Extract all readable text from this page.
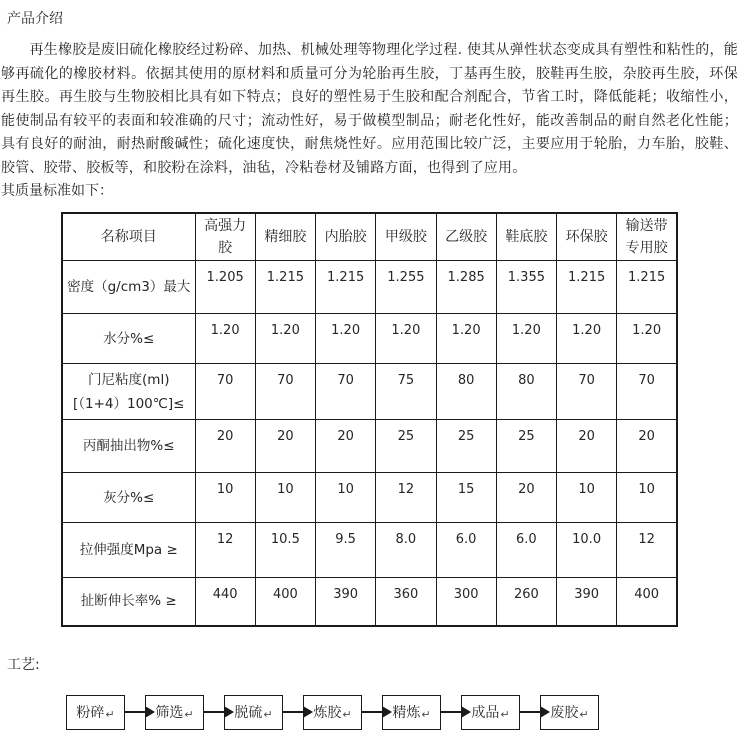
产品介绍

　　再生橡胶是废旧硫化橡胶经过粉碎、加热、机械处理等物理化学过程. 使其从弹性状态变成具有塑性和粘性的，能够再硫化的橡胶材料。依据其使用的原材料和质量可分为轮胎再生胶，丁基再生胶，胶鞋再生胶，杂胶再生胶，环保再生胶。再生胶与生物胶相比具有如下特点；良好的塑性易于生胶和配合剂配合，节省工时，降低能耗；收缩性小，能使制品有较平的表面和较准确的尺寸；流动性好，易于做模型制品；耐老化性好，能改善制品的耐自然老化性能；具有良好的耐油，耐热耐酸碱性；硫化速度快，耐焦烧性好。应用范围比较广泛，主要应用于轮胎，力车胎，胶鞋、胶管、胶带、胶板等，和胶粉在涂料，油毡，冷粘卷材及铺路方面，也得到了应用。

其质量标准如下：

名称项目	高强力胶	精细胶	内胎胶	甲级胶	乙级胶	鞋底胶	环保胶	输送带专用胶
密度（g/cm3）最大	1.205	1.215	1.215	1.255	1.285	1.355	1.215	1.215
水分%≤	1.20	1.20	1.20	1.20	1.20	1.20	1.20	1.20
门尼粘度(ml)[（1+4）100℃]≤	70	70	70	75	80	80	70	70
丙酮抽出物%≤	20	20	20	25	25	25	20	20
灰分%≤	10	10	10	12	15	20	10	10
拉伸强度Mpa ≥	12	10.5	9.5	8.0	6.0	6.0	10.0	12
扯断伸长率% ≥	440	400	390	360	300	260	390	400

工艺:

粉碎 ↵	筛选 ↵	脱硫 ↵	炼胶 ↵	精炼 ↵	成品 ↵	废胶 ↵
